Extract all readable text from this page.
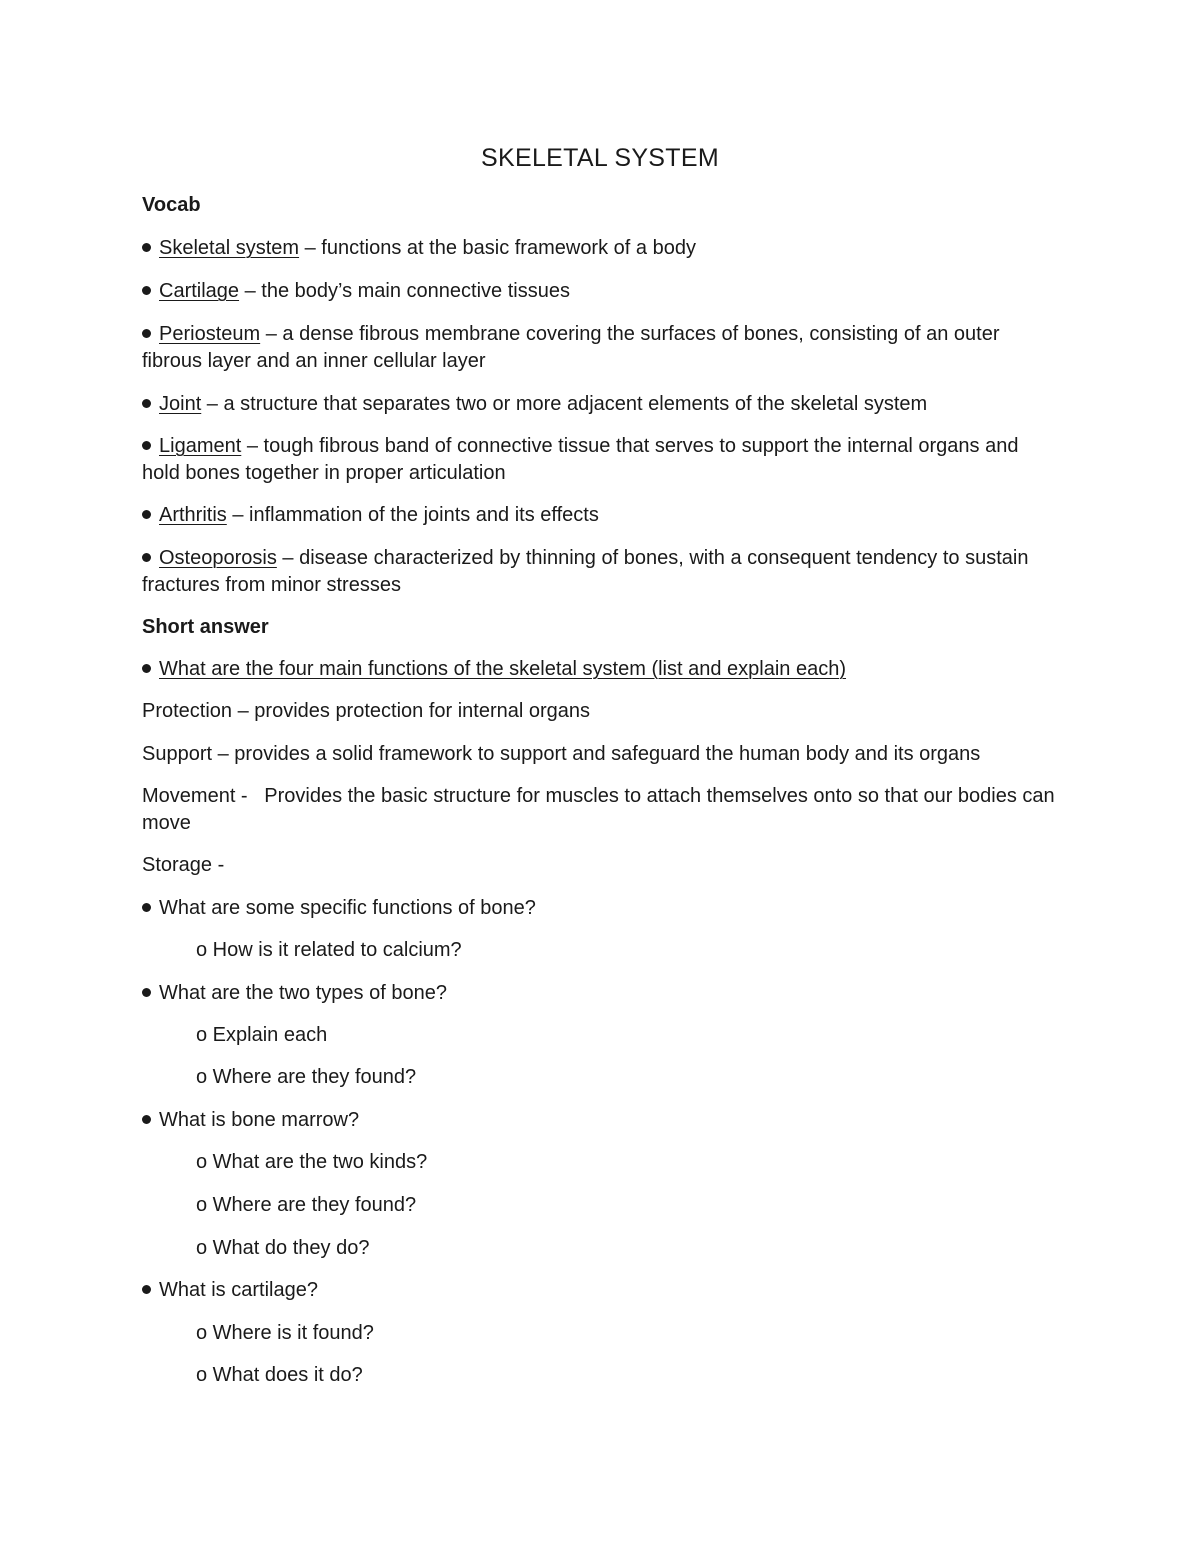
SKELETAL SYSTEM
Vocab

Skeletal system – functions at the basic framework of a body

Cartilage – the body’s main connective tissues

Periosteum – a dense fibrous membrane covering the surfaces of bones, consisting of an outer fibrous layer and an inner cellular layer

Joint – a structure that separates two or more adjacent elements of the skeletal system

Ligament – tough fibrous band of connective tissue that serves to support the internal organs and hold bones together in proper articulation

Arthritis – inflammation of the joints and its effects

Osteoporosis – disease characterized by thinning of bones, with a consequent tendency to sustain fractures from minor stresses

Short answer

What are the four main functions of the skeletal system (list and explain each)

Protection – provides protection for internal organs

Support – provides a solid framework to support and safeguard the human body and its organs

Movement -   Provides the basic structure for muscles to attach themselves onto so that our bodies can move

Storage -

What are some specific functions of bone?

o How is it related to calcium?

What are the two types of bone?

o Explain each

o Where are they found?

What is bone marrow?

o What are the two kinds?

o Where are they found?

o What do they do?

What is cartilage?

o Where is it found?

o What does it do?
